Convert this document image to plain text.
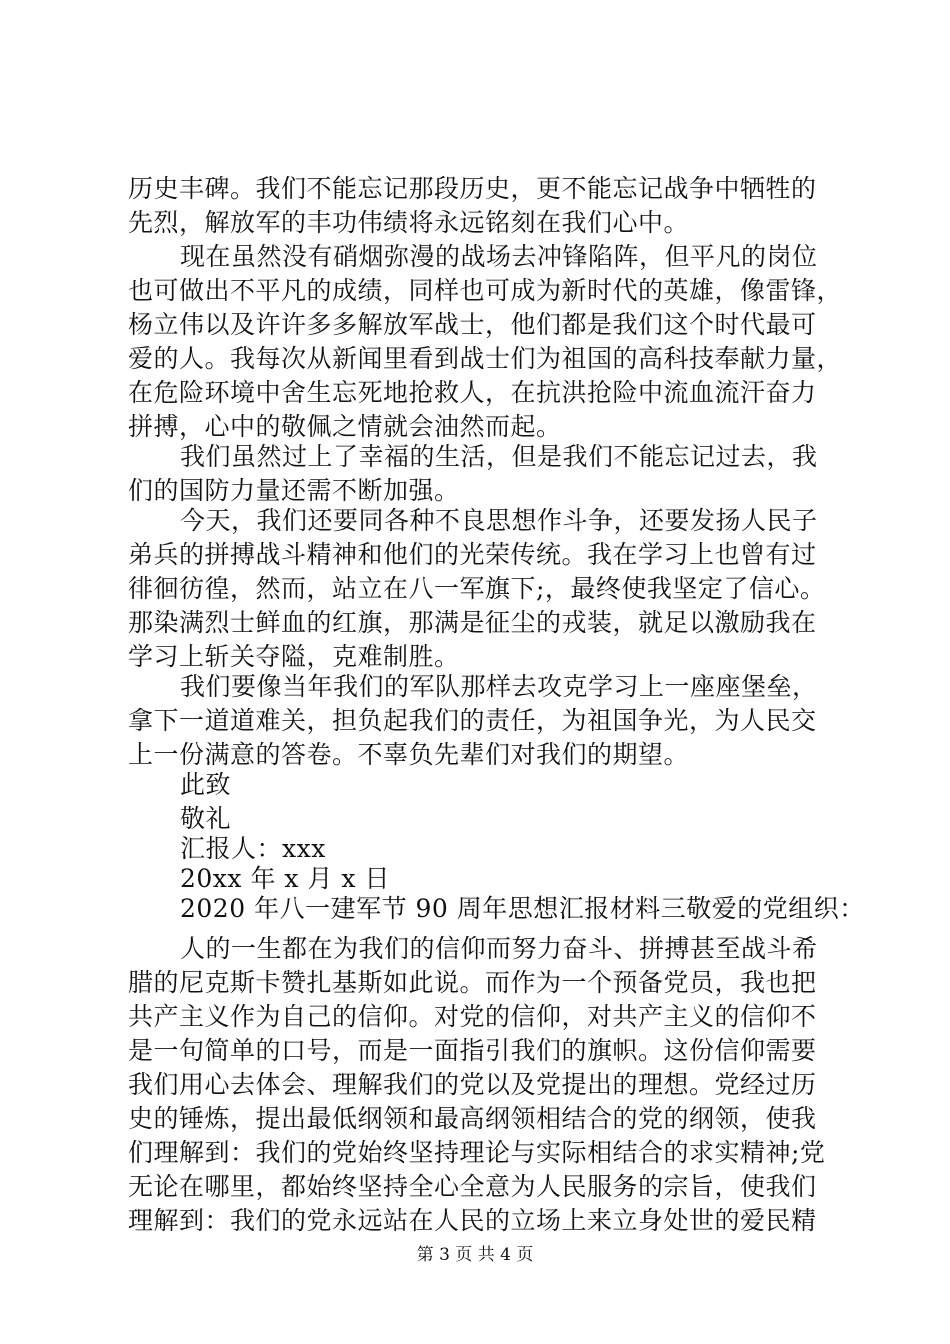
历史丰碑。我们不能忘记那段历史，更不能忘记战争中牺牲的
先烈，解放军的丰功伟绩将永远铭刻在我们心中。
现在虽然没有硝烟弥漫的战场去冲锋陷阵，但平凡的岗位
也可做出不平凡的成绩，同样也可成为新时代的英雄，像雷锋，
杨立伟以及许许多多解放军战士，他们都是我们这个时代最可
爱的人。我每次从新闻里看到战士们为祖国的高科技奉献力量，
在危险环境中舍生忘死地抢救人，在抗洪抢险中流血流汗奋力
拼搏，心中的敬佩之情就会油然而起。
我们虽然过上了幸福的生活，但是我们不能忘记过去，我
们的国防力量还需不断加强。
今天，我们还要同各种不良思想作斗争，还要发扬人民子
弟兵的拼搏战斗精神和他们的光荣传统。我在学习上也曾有过
徘徊彷徨，然而，站立在八一军旗下;，最终使我坚定了信心。
那染满烈士鲜血的红旗，那满是征尘的戎装，就足以激励我在
学习上斩关夺隘，克难制胜。
我们要像当年我们的军队那样去攻克学习上一座座堡垒，
拿下一道道难关，担负起我们的责任，为祖国争光，为人民交
上一份满意的答卷。不辜负先辈们对我们的期望。
此致
敬礼
汇报人：xxx
20xx 年 x 月 x 日
2020 年八一建军节 90 周年思想汇报材料三敬爱的党组织：
人的一生都在为我们的信仰而努力奋斗、拼搏甚至战斗希
腊的尼克斯卡赞扎基斯如此说。而作为一个预备党员，我也把
共产主义作为自己的信仰。对党的信仰，对共产主义的信仰不
是一句简单的口号，而是一面指引我们的旗帜。这份信仰需要
我们用心去体会、理解我们的党以及党提出的理想。党经过历
史的锤炼，提出最低纲领和最高纲领相结合的党的纲领，使我
们理解到：我们的党始终坚持理论与实际相结合的求实精神;党
无论在哪里，都始终坚持全心全意为人民服务的宗旨，使我们
理解到：我们的党永远站在人民的立场上来立身处世的爱民精
第 3 页 共 4 页
